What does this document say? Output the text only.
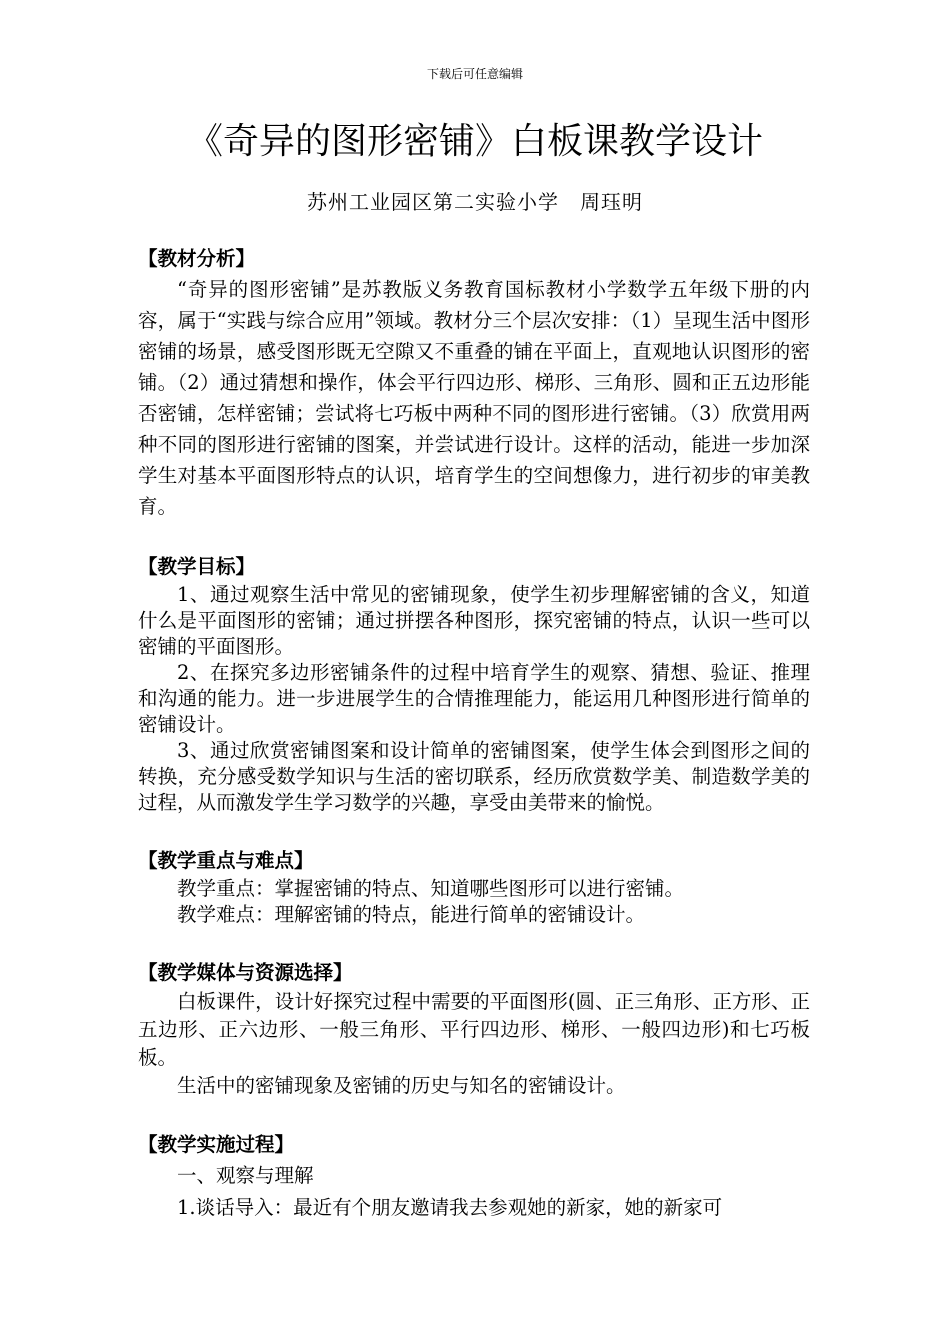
下载后可任意编辑
《奇异的图形密铺》白板课教学设计
苏州工业园区第二实验小学　周珏明
【教材分析】

“奇异的图形密铺”是苏教版义务教育国标教材小学数学五年级下册的内容，属于“实践与综合应用”领域。教材分三个层次安排：（1）呈现生活中图形密铺的场景，感受图形既无空隙又不重叠的铺在平面上，直观地认识图形的密铺。（2）通过猜想和操作，体会平行四边形、梯形、三角形、圆和正五边形能否密铺，怎样密铺；尝试将七巧板中两种不同的图形进行密铺。（3）欣赏用两种不同的图形进行密铺的图案，并尝试进行设计。这样的活动，能进一步加深学生对基本平面图形特点的认识，培育学生的空间想像力，进行初步的审美教育。

【教学目标】

1、通过观察生活中常见的密铺现象，使学生初步理解密铺的含义，知道什么是平面图形的密铺；通过拼摆各种图形，探究密铺的特点，认识一些可以密铺的平面图形。

2、在探究多边形密铺条件的过程中培育学生的观察、猜想、验证、推理和沟通的能力。进一步进展学生的合情推理能力，能运用几种图形进行简单的密铺设计。

3、通过欣赏密铺图案和设计简单的密铺图案，使学生体会到图形之间的转换，充分感受数学知识与生活的密切联系，经历欣赏数学美、制造数学美的过程，从而激发学生学习数学的兴趣，享受由美带来的愉悦。

【教学重点与难点】

教学重点：掌握密铺的特点、知道哪些图形可以进行密铺。

教学难点：理解密铺的特点，能进行简单的密铺设计。

【教学媒体与资源选择】

白板课件，设计好探究过程中需要的平面图形(圆、正三角形、正方形、正五边形、正六边形、一般三角形、平行四边形、梯形、一般四边形)和七巧板板。

生活中的密铺现象及密铺的历史与知名的密铺设计。

【教学实施过程】

一、观察与理解

1.谈话导入：最近有个朋友邀请我去参观她的新家，她的新家可
